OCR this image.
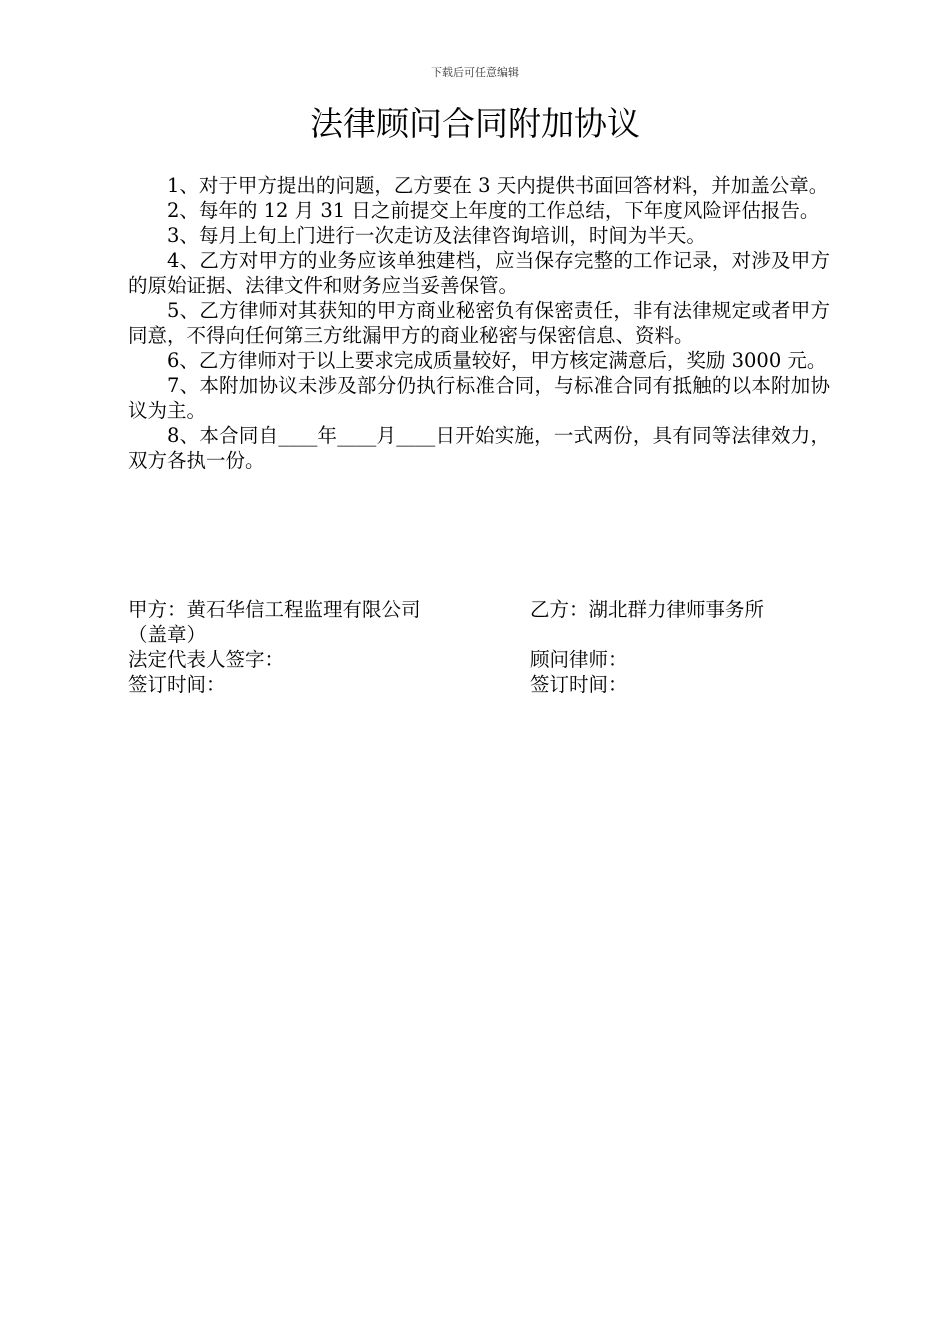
下载后可任意编辑
法律顾问合同附加协议

1、对于甲方提出的问题，乙方要在 3 天内提供书面回答材料，并加盖公章。

2、每年的 12 月 31 日之前提交上年度的工作总结，下年度风险评估报告。

3、每月上旬上门进行一次走访及法律咨询培训，时间为半天。

4、乙方对甲方的业务应该单独建档，应当保存完整的工作记录，对涉及甲方的原始证据、法律文件和财务应当妥善保管。

5、乙方律师对其获知的甲方商业秘密负有保密责任，非有法律规定或者甲方同意，不得向任何第三方纰漏甲方的商业秘密与保密信息、资料。

6、乙方律师对于以上要求完成质量较好，甲方核定满意后，奖励 3000 元。

7、本附加协议未涉及部分仍执行标准合同，与标准合同有抵触的以本附加协议为主。

8、本合同自____年____月____日开始实施，一式两份，具有同等法律效力，双方各执一份。

甲方：黄石华信工程监理有限公司	乙方：湖北群力律师事务所
（盖章）
法定代表人签字：	顾问律师：
签订时间：	签订时间：
